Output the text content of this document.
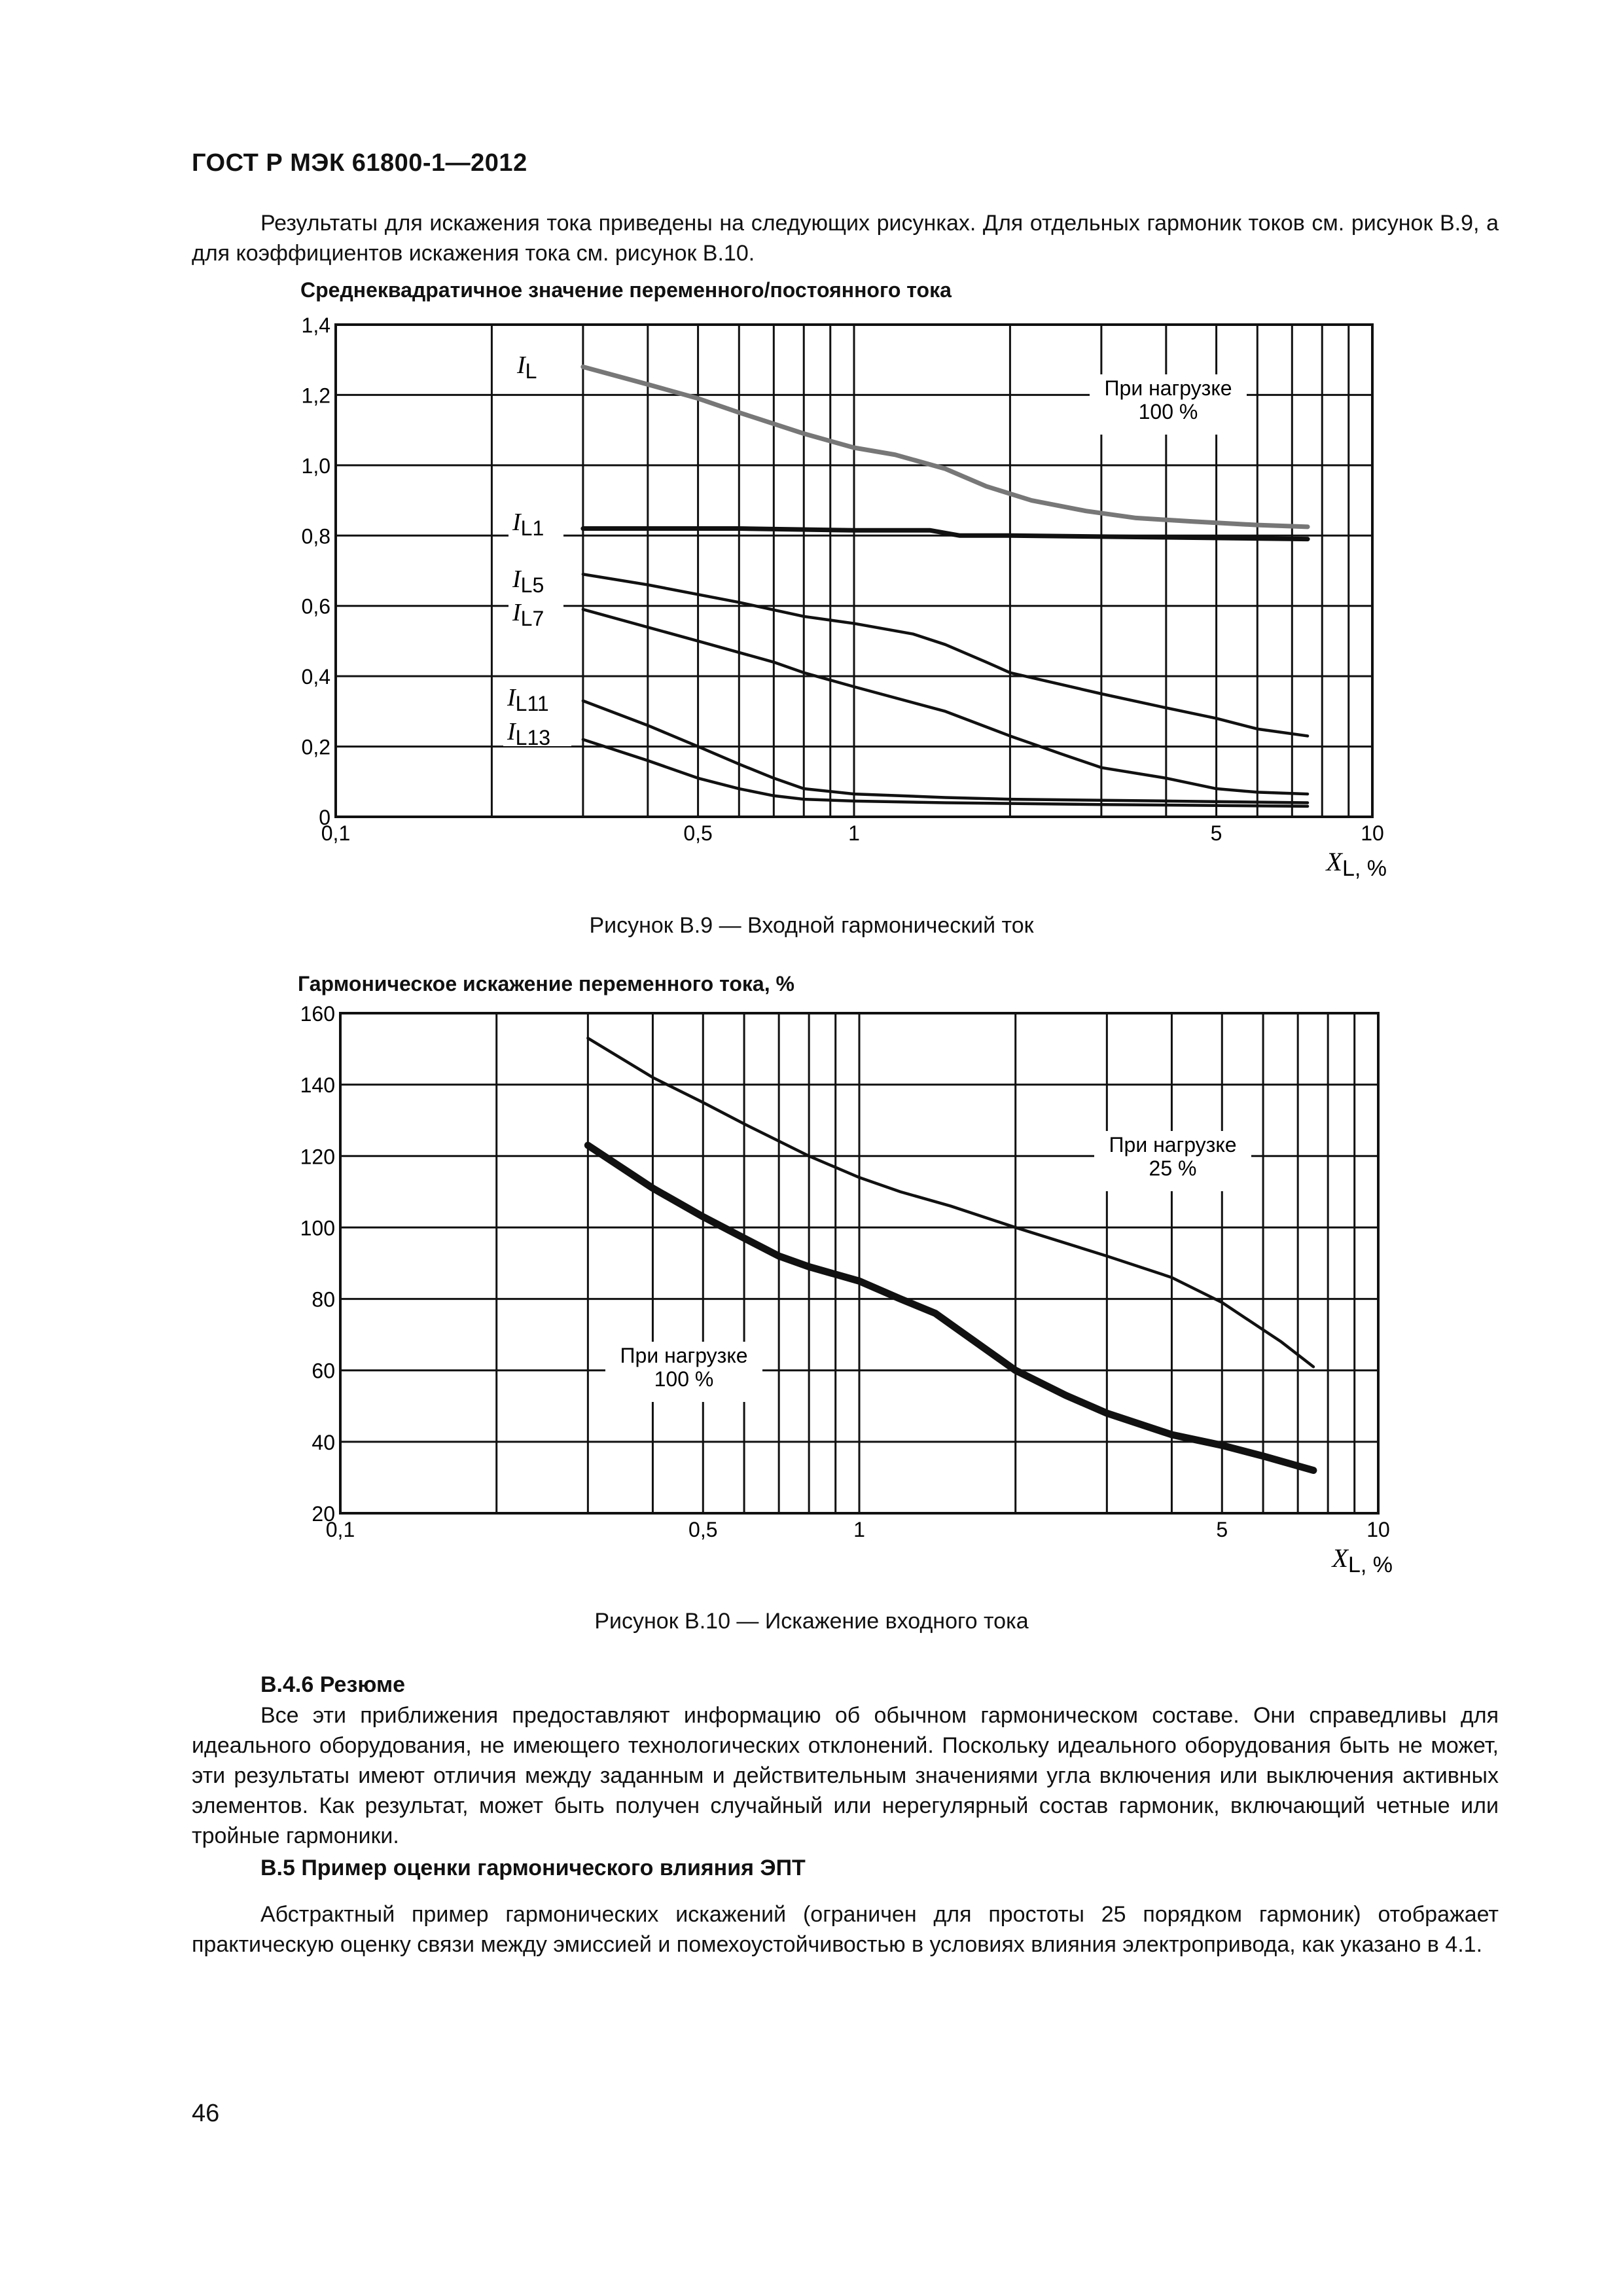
ГОСТ Р МЭК 61800-1—2012
Результаты для искажения тока приведены на следующих рисунках. Для отдельных гармоник токов см. рисунок В.9, а для коэффициентов искажения тока см. рисунок В.10.
Среднеквадратичное значение переменного/постоянного тока
0
0,2
0,4
0,6
0,8
1,0
1,2
1,4
0,1	0,5	1	5	10
XL, %
IL
IL1
IL5
IL7
IL11
IL13
При нагрузке
100 %
Рисунок В.9 — Входной гармонический ток
Гармоническое искажение переменного тока, %
20
40
60
80
100
120
140
160
0,1	0,5	1	5	10
XL, %
При нагрузке
25 %
При нагрузке
100 %
Рисунок В.10 — Искажение входного тока
В.4.6 Резюме
Все эти приближения предоставляют информацию об обычном гармоническом составе. Они справедливы для идеального оборудования, не имеющего технологических отклонений. Поскольку идеального оборудования быть не может, эти результаты имеют отличия между заданным и действительным значениями угла включения или выключения активных элементов. Как результат, может быть получен случайный или нерегулярный состав гармоник, включающий четные или тройные гармоники.
В.5 Пример оценки гармонического влияния ЭПТ
Абстрактный пример гармонических искажений (ограничен для простоты 25 порядком гармоник) отображает практическую оценку связи между эмиссией и помехоустойчивостью в условиях влияния электропривода, как указано в 4.1.
46
